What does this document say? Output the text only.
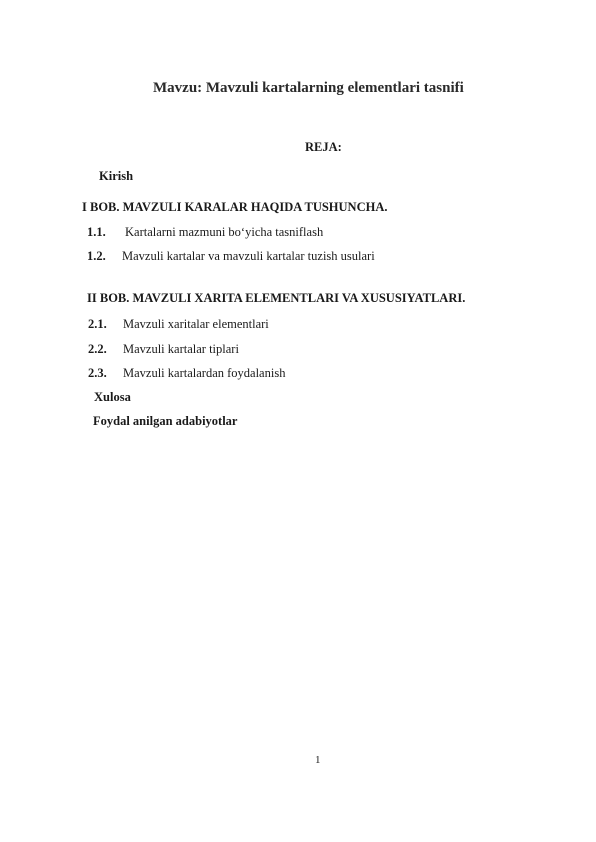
Mavzu: Mavzuli kartalarning elementlari tasnifi
REJA:
Kirish
I BOB. MAVZULI KARALAR HAQIDA TUSHUNCHA.
1.1. Kartalarni mazmuni bo‘yicha tasniflash
1.2. Mavzuli kartalar va mavzuli kartalar tuzish usulari
II BOB. MAVZULI XARITA ELEMENTLARI VA XUSUSIYATLARI.
2.1. Mavzuli xaritalar elementlari
2.2. Mavzuli kartalar tiplari
2.3. Mavzuli kartalardan foydalanish
Xulosa
Foydal anilgan adabiyotlar
1
